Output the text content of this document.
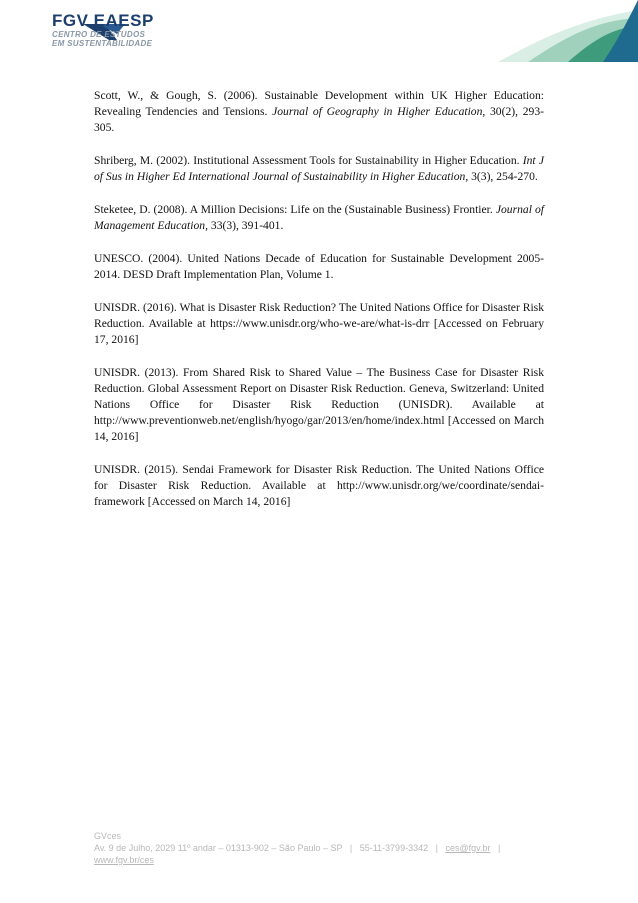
FGV EAESP
CENTRO DE ESTUDOS
EM SUSTENTABILIDADE

Scott, W., & Gough, S. (2006). Sustainable Development within UK Higher Education: Revealing Tendencies and Tensions. Journal of Geography in Higher Education, 30(2), 293-305.

Shriberg, M. (2002). Institutional Assessment Tools for Sustainability in Higher Education. Int J of Sus in Higher Ed International Journal of Sustainability in Higher Education, 3(3), 254-270.

Steketee, D. (2008). A Million Decisions: Life on the (Sustainable Business) Frontier. Journal of Management Education, 33(3), 391-401.

UNESCO. (2004). United Nations Decade of Education for Sustainable Development 2005-2014. DESD Draft Implementation Plan, Volume 1.

UNISDR. (2016). What is Disaster Risk Reduction? The United Nations Office for Disaster Risk Reduction. Available at https://www.unisdr.org/who-we-are/what-is-drr [Accessed on February 17, 2016]

UNISDR. (2013). From Shared Risk to Shared Value – The Business Case for Disaster Risk Reduction. Global Assessment Report on Disaster Risk Reduction. Geneva, Switzerland: United Nations Office for Disaster Risk Reduction (UNISDR). Available at http://www.preventionweb.net/english/hyogo/gar/2013/en/home/index.html [Accessed on March 14, 2016]

UNISDR. (2015). Sendai Framework for Disaster Risk Reduction. The United Nations Office for Disaster Risk Reduction. Available at http://www.unisdr.org/we/coordinate/sendai-framework [Accessed on March 14, 2016]

GVces
Av. 9 de Julho, 2029 11º andar – 01313-902 – São Paulo – SP | 55-11-3799-3342 | ces@fgv.br |
www.fgv.br/ces
